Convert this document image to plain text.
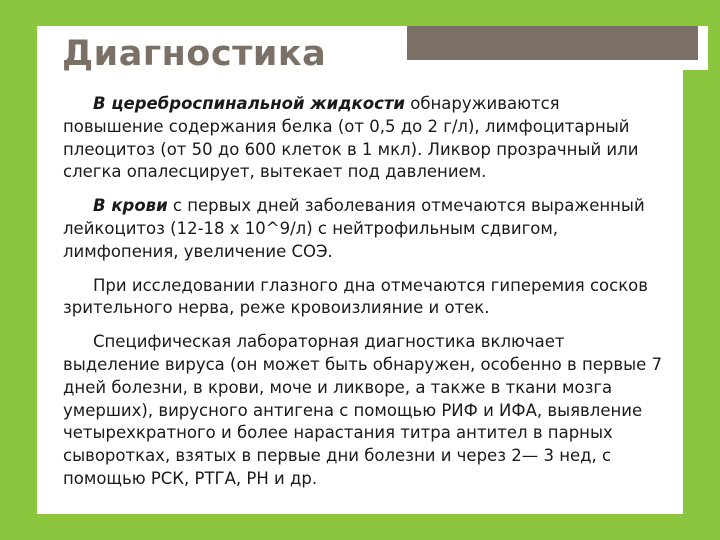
Диагностика

В цереброспинальной жидкости обнаруживаются повышение содержания белка (от 0,5 до 2 г/л), лимфоцитарный плеоцитоз (от 50 до 600 клеток в 1 мкл). Ликвор прозрачный или слегка опалесцирует, вытекает под давлением.

В крови с первых дней заболевания отмечаются выраженный лейкоцитоз (12-18 х 10^9/л) с нейтрофильным сдвигом, лимфопения, увеличение СОЭ.

При исследовании глазного дна отмечаются гиперемия сосков зрительного нерва, реже кровоизлияние и отек.

Специфическая лабораторная диагностика включает выделение вируса (он может быть обнаружен, особенно в первые 7 дней болезни, в крови, моче и ликворе, а также в ткани мозга умерших), вирусного антигена с помощью РИФ и ИФА, выявление четырехкратного и более нарастания титра антител в парных сыворотках, взятых в первые дни болезни и через 2— 3 нед, с помощью РСК, РТГА, РН и др.
